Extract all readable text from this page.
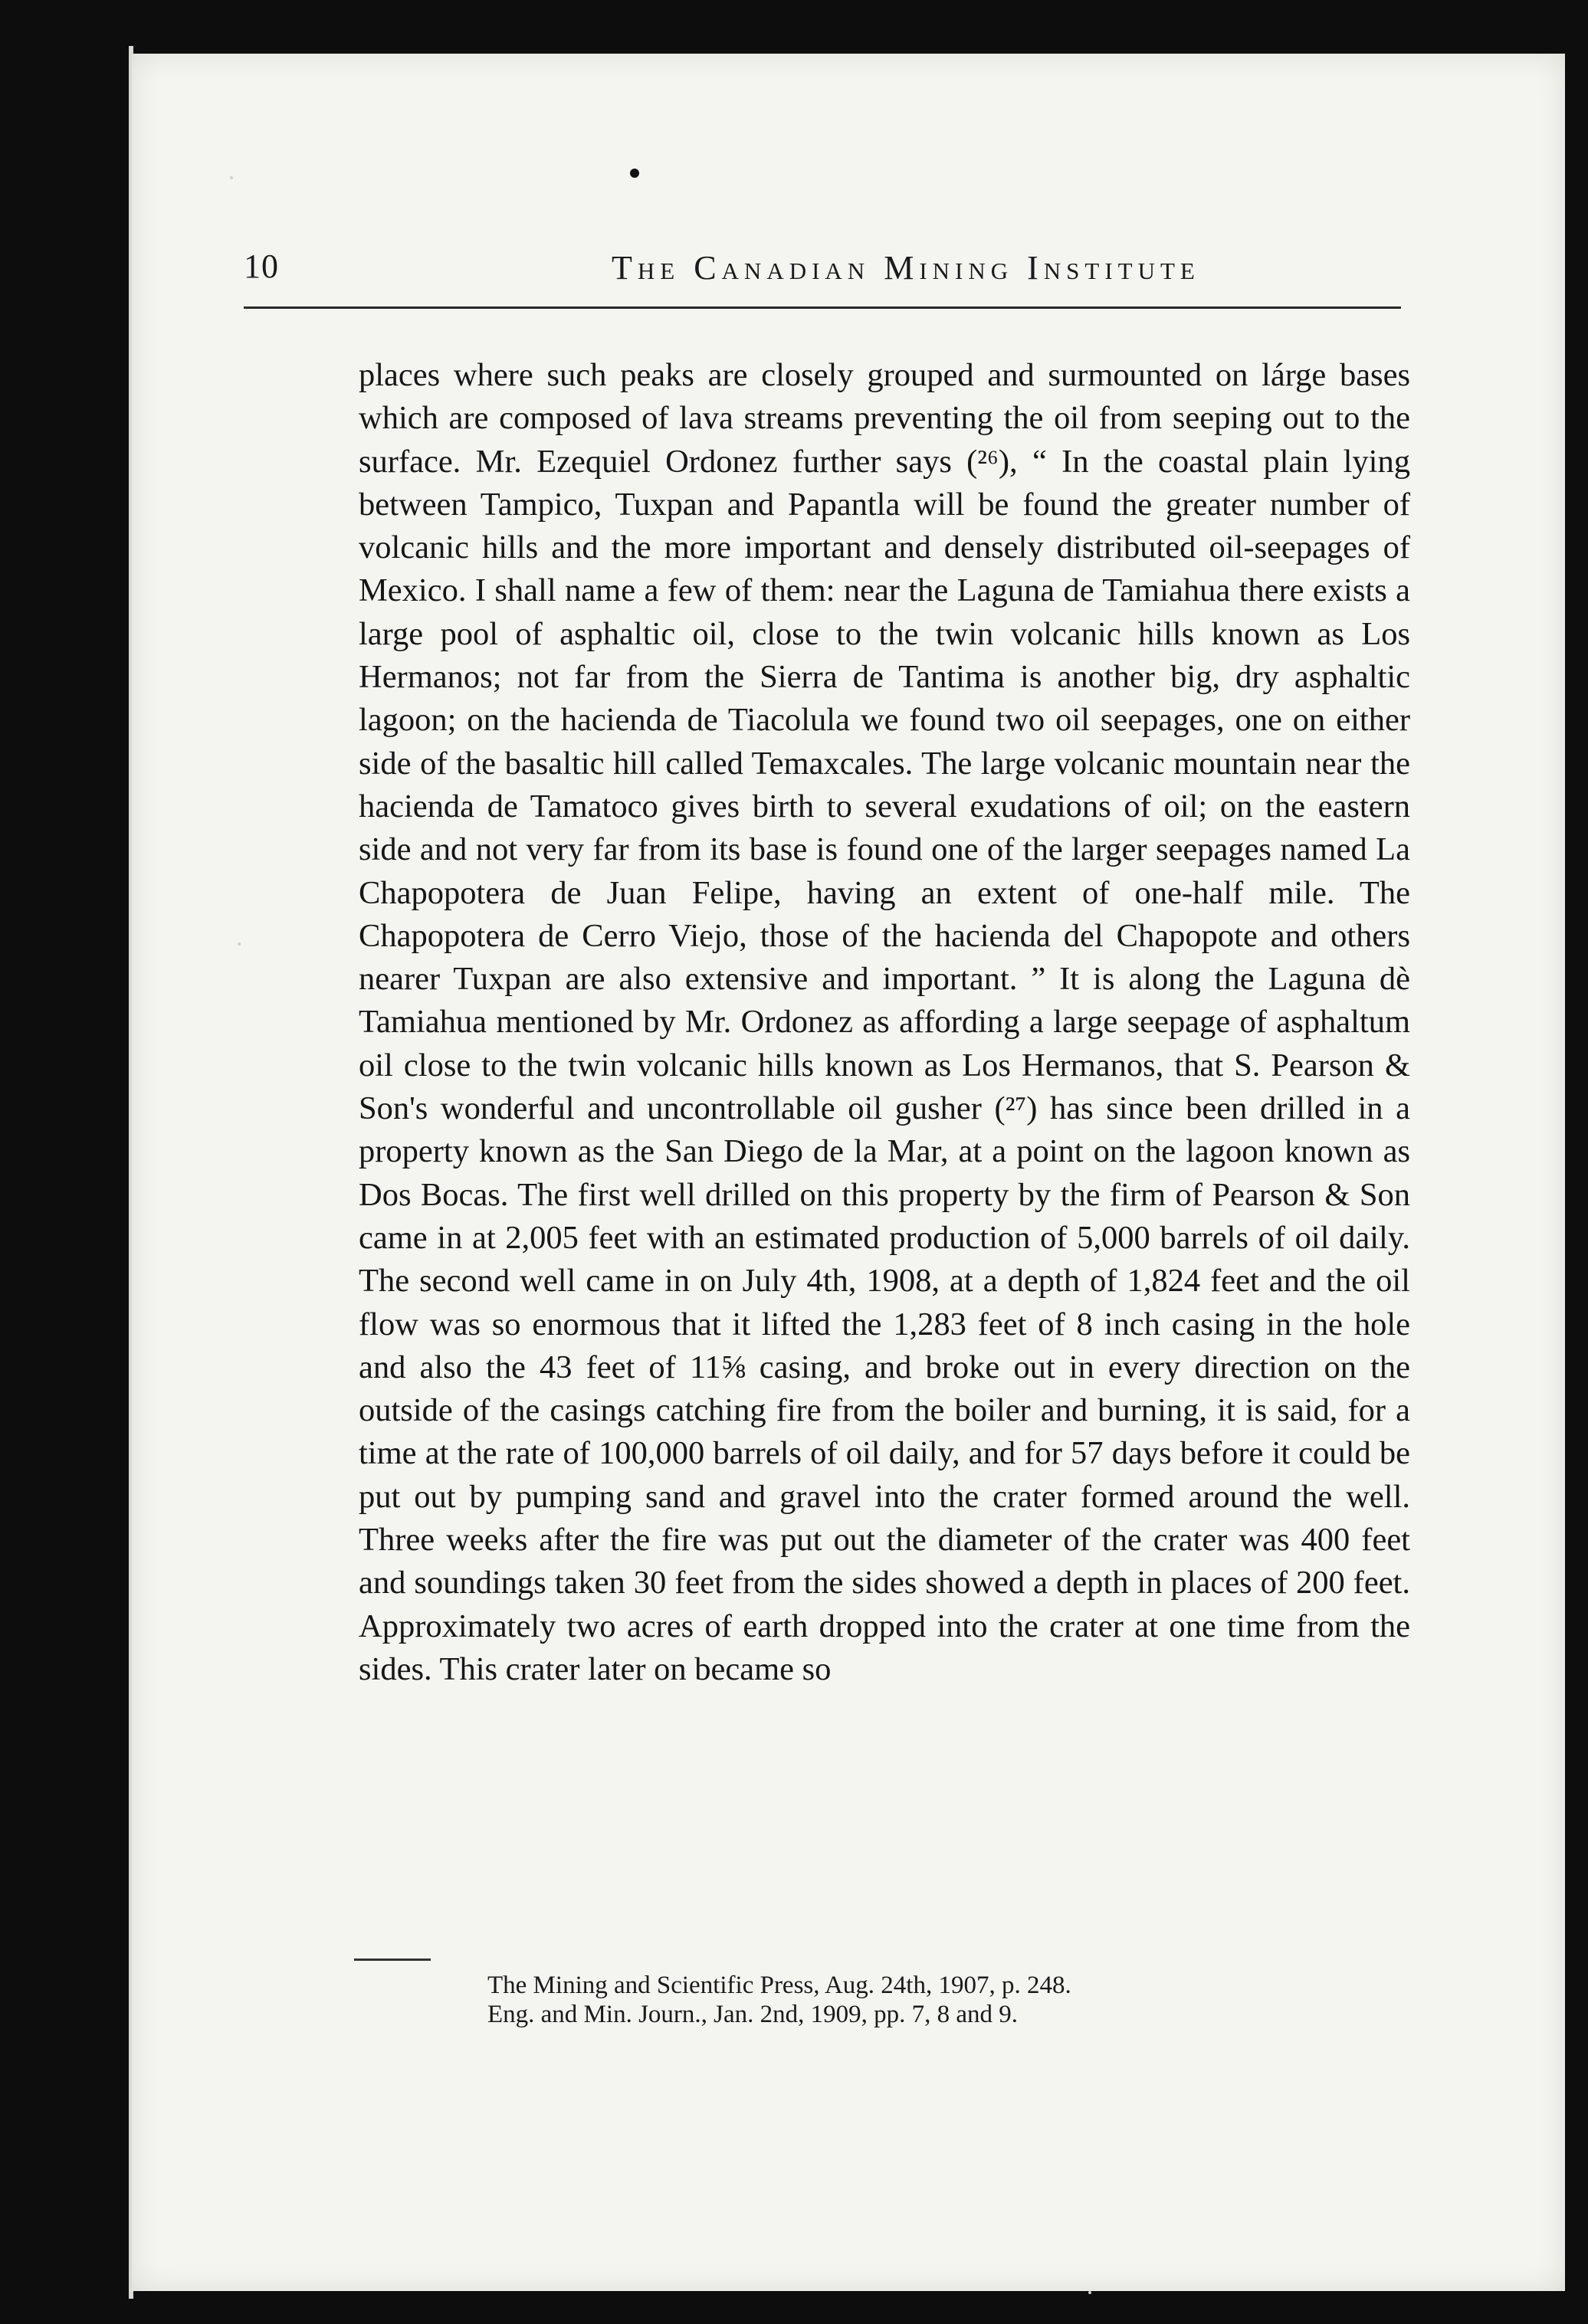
10	The Canadian Mining Institute

places where such peaks are closely grouped and surmounted on lárge bases which are composed of lava streams preventing the oil from seeping out to the surface. Mr. Ezequiel Ordonez further says (²⁶), “ In the coastal plain lying between Tampico, Tuxpan and Papantla will be found the greater number of volcanic hills and the more important and densely distributed oil-seepages of Mexico. I shall name a few of them: near the Laguna de Tamiahua there exists a large pool of asphaltic oil, close to the twin volcanic hills known as Los Hermanos; not far from the Sierra de Tantima is another big, dry asphaltic lagoon; on the hacienda de Tiacolula we found two oil seepages, one on either side of the basaltic hill called Temaxcales. The large volcanic mountain near the hacienda de Tamatoco gives birth to several exudations of oil; on the eastern side and not very far from its base is found one of the larger seepages named La Chapopotera de Juan Felipe, having an extent of one-half mile. The Chapopotera de Cerro Viejo, those of the hacienda del Chapopote and others nearer Tuxpan are also extensive and important. ” It is along the Laguna dè Tamiahua mentioned by Mr. Ordonez as affording a large seepage of asphaltum oil close to the twin volcanic hills known as Los Hermanos, that S. Pearson & Son's wonderful and uncontrollable oil gusher (²⁷) has since been drilled in a property known as the San Diego de la Mar, at a point on the lagoon known as Dos Bocas. The first well drilled on this property by the firm of Pearson & Son came in at 2,005 feet with an estimated production of 5,000 barrels of oil daily. The second well came in on July 4th, 1908, at a depth of 1,824 feet and the oil flow was so enormous that it lifted the 1,283 feet of 8 inch casing in the hole and also the 43 feet of 11⅝ casing, and broke out in every direction on the outside of the casings catching fire from the boiler and burning, it is said, for a time at the rate of 100,000 barrels of oil daily, and for 57 days before it could be put out by pumping sand and gravel into the crater formed around the well. Three weeks after the fire was put out the diameter of the crater was 400 feet and soundings taken 30 feet from the sides showed a depth in places of 200 feet. Approximately two acres of earth dropped into the crater at one time from the sides. This crater later on became so

The Mining and Scientific Press, Aug. 24th, 1907, p. 248.
Eng. and Min. Journ., Jan. 2nd, 1909, pp. 7, 8 and 9.
